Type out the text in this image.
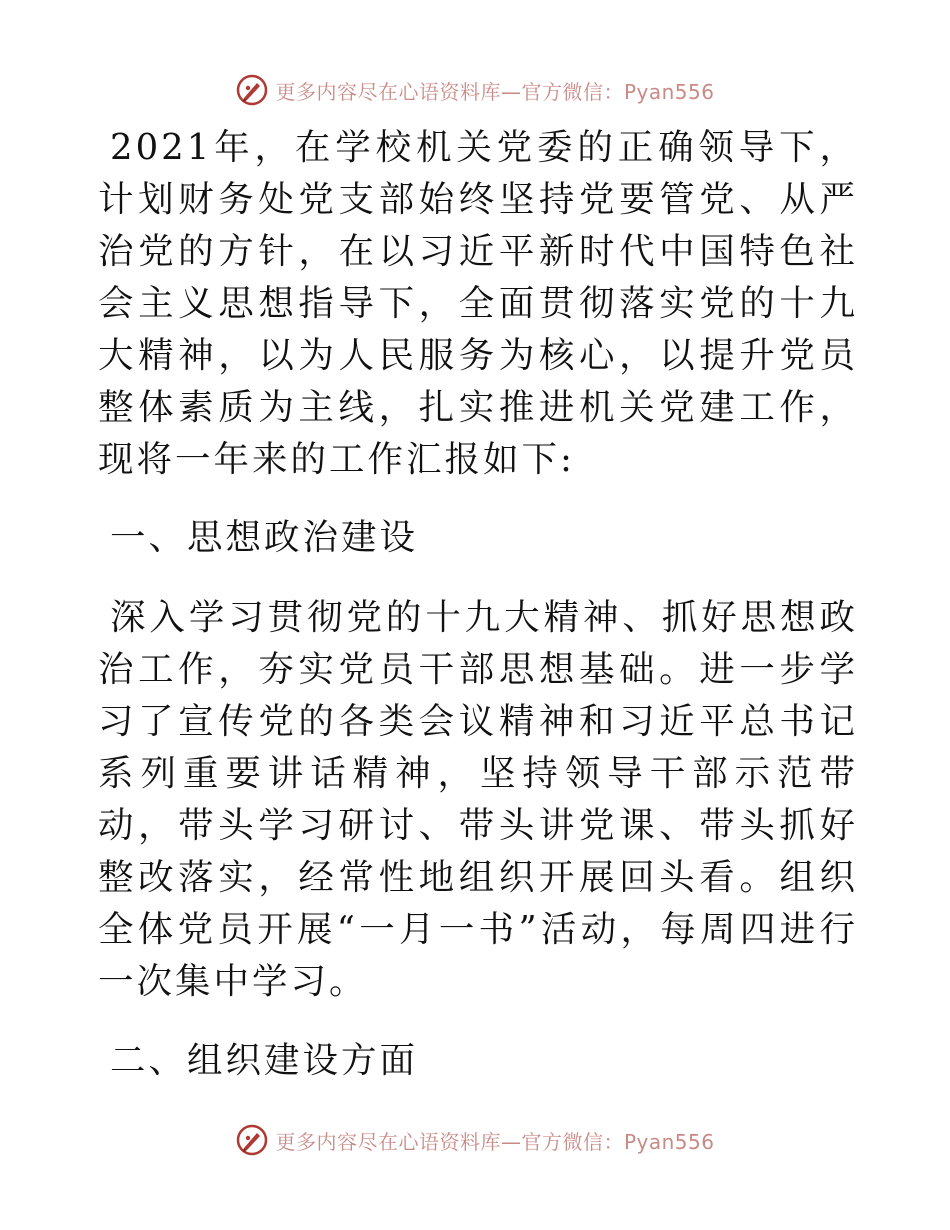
更多内容尽在心语资料库—官方微信：Pyan556

2021年，在学校机关党委的正确领导下，计划财务处党支部始终坚持党要管党、从严治党的方针，在以习近平新时代中国特色社会主义思想指导下，全面贯彻落实党的十九大精神，以为人民服务为核心，以提升党员整体素质为主线，扎实推进机关党建工作，现将一年来的工作汇报如下:

一、思想政治建设

深入学习贯彻党的十九大精神、抓好思想政治工作，夯实党员干部思想基础。进一步学习了宣传党的各类会议精神和习近平总书记系列重要讲话精神，坚持领导干部示范带动，带头学习研讨、带头讲党课、带头抓好整改落实，经常性地组织开展回头看。组织全体党员开展“一月一书”活动，每周四进行一次集中学习。

二、组织建设方面

更多内容尽在心语资料库—官方微信：Pyan556
